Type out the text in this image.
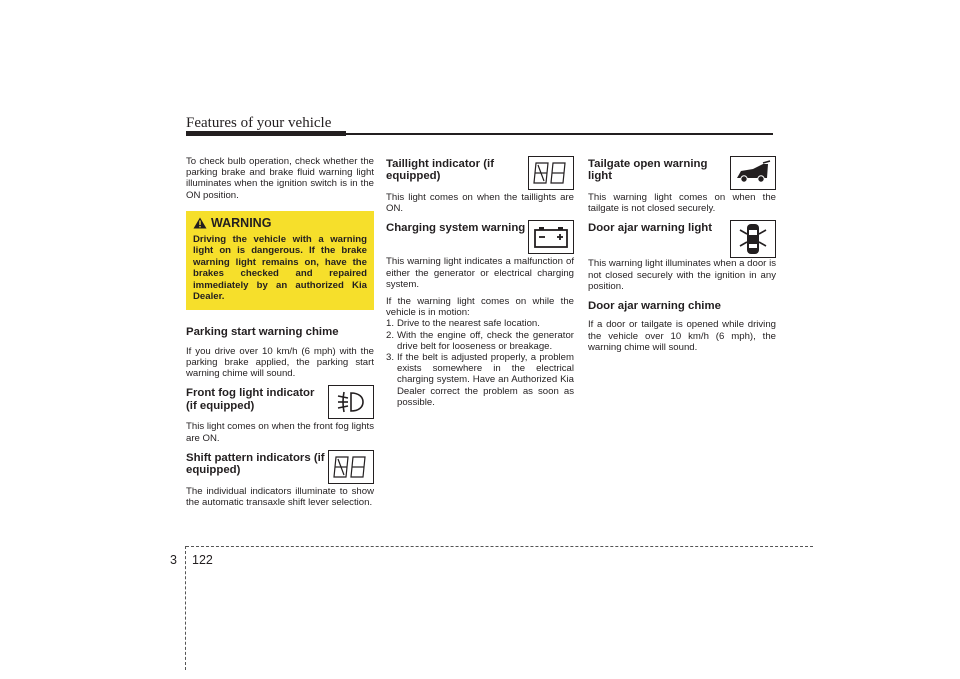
Features of your vehicle

To check bulb operation, check whether the parking brake and brake fluid warning light illuminates when the ignition switch is in the ON position.

WARNING
Driving the vehicle with a warning light on is dangerous. If the brake warning light remains on, have the brakes checked and repaired immediately by an authorized Kia Dealer.
Parking start warning chime

If you drive over 10 km/h (6 mph) with the parking brake applied, the parking start warning chime will sound.

Front fog light indicator (if equipped)

This light comes on when the front fog lights are ON.

Shift pattern indicators (if equipped)

The individual indicators illuminate to show the automatic transaxle shift lever selection.

Taillight indicator (if equipped)

This light comes on when the taillights are ON.

Charging system warning

This warning light indicates a malfunction of either the generator or electrical charging system.

If the warning light comes on while the vehicle is in motion:

1. Drive to the nearest safe location.
2. With the engine off, check the generator drive belt for looseness or breakage.
3. If the belt is adjusted properly, a problem exists somewhere in the electrical charging system. Have an Authorized Kia Dealer correct the problem as soon as possible.
Tailgate open warning light

This warning light comes on when the tailgate is not closed securely.

Door ajar warning light

This warning light illuminates when a door is not closed securely with the ignition in any position.

Door ajar warning chime

If a door or tailgate is opened while driving the vehicle over 10 km/h (6 mph), the warning chime will sound.

3 122
